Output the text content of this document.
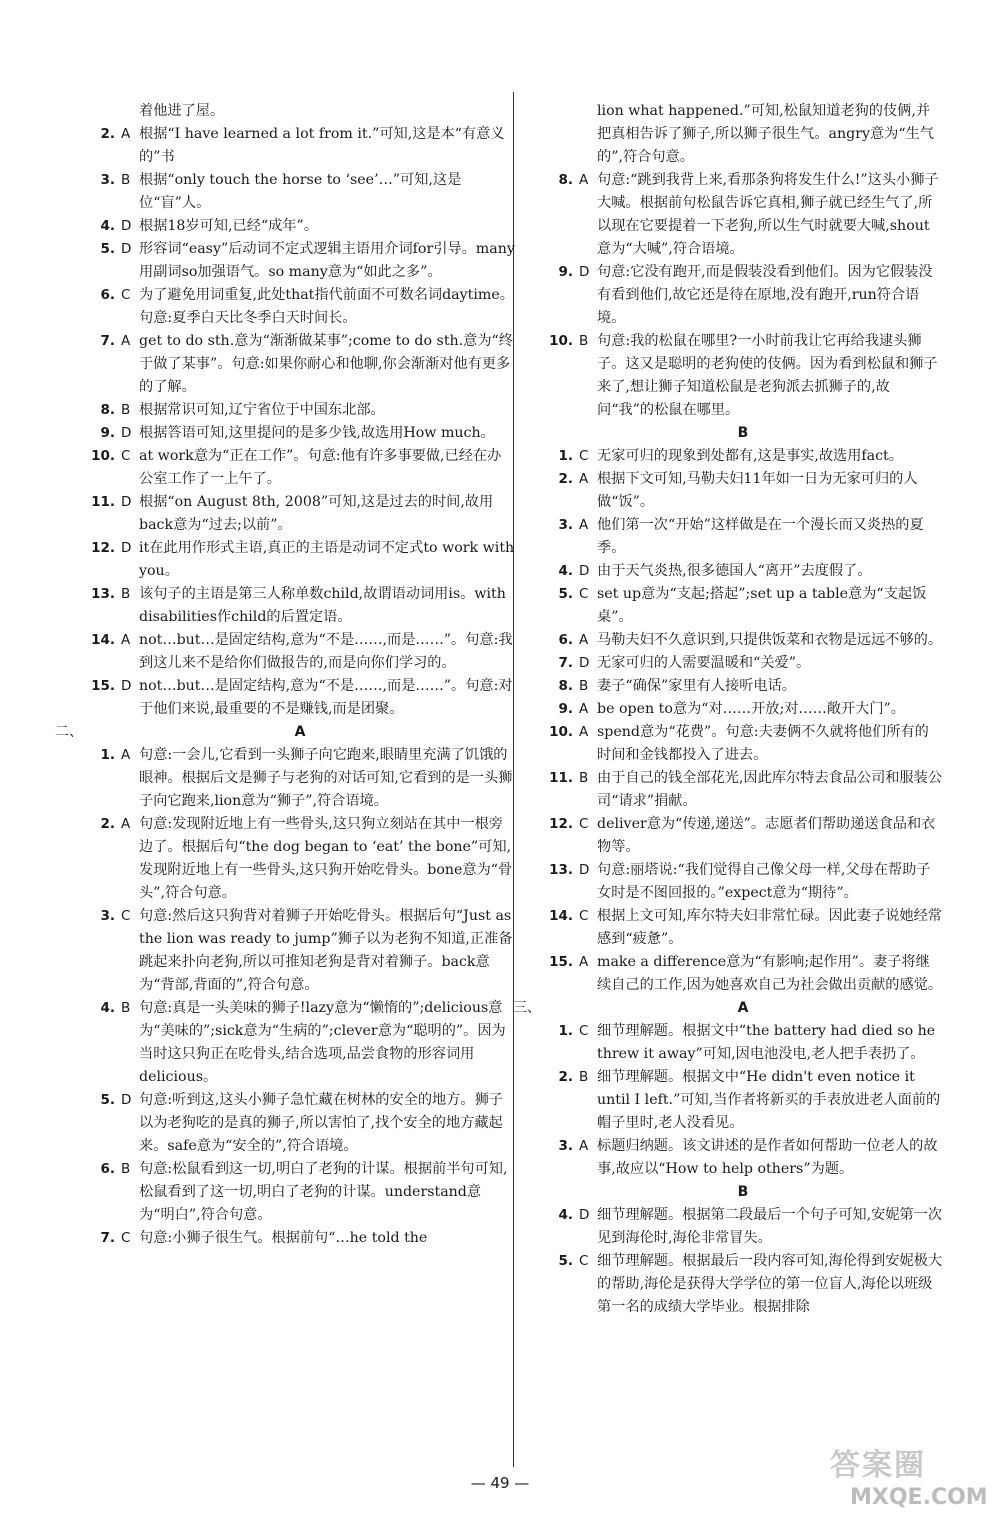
着他进了屋。
2. A 根据“I have learned a lot from it.”可知,这是本“有意义的”书
3. B 根据“only touch the horse to ‘see’…”可知,这是位“盲”人。
4. D 根据18岁可知,已经“成年”。
5. D 形容词“easy”后动词不定式逻辑主语用介词for引导。many用副词so加强语气。so many意为“如此之多”。
6. C 为了避免用词重复,此处that指代前面不可数名词daytime。句意:夏季白天比冬季白天时间长。
7. A get to do sth.意为“渐渐做某事”;come to do sth.意为“终于做了某事”。句意:如果你耐心和他聊,你会渐渐对他有更多的了解。
8. B 根据常识可知,辽宁省位于中国东北部。
9. D 根据答语可知,这里提问的是多少钱,故选用How much。
10. C at work意为“正在工作”。句意:他有许多事要做,已经在办公室工作了一上午了。
11. D 根据“on August 8th, 2008”可知,这是过去的时间,故用back意为“过去;以前”。
12. D it在此用作形式主语,真正的主语是动词不定式to work with you。
13. B 该句子的主语是第三人称单数child,故谓语动词用is。with disabilities作child的后置定语。
14. A not…but…是固定结构,意为“不是……,而是……”。句意:我到这儿来不是给你们做报告的,而是向你们学习的。
15. D not…but…是固定结构,意为“不是……,而是……”。句意:对于他们来说,最重要的不是赚钱,而是团聚。
二、	A
1. A 句意:一会儿,它看到一头狮子向它跑来,眼睛里充满了饥饿的眼神。根据后文是狮子与老狗的对话可知,它看到的是一头狮子向它跑来,lion意为“狮子”,符合语境。
2. A 句意:发现附近地上有一些骨头,这只狗立刻站在其中一根旁边了。根据后句“the dog began to ‘eat’ the bone”可知,发现附近地上有一些骨头,这只狗开始吃骨头。bone意为“骨头”,符合句意。
3. C 句意:然后这只狗背对着狮子开始吃骨头。根据后句“Just as the lion was ready to jump”狮子以为老狗不知道,正准备跳起来扑向老狗,所以可推知老狗是背对着狮子。back意为“背部,背面的”,符合句意。
4. B 句意:真是一头美味的狮子!lazy意为“懒惰的”;delicious意为“美味的”;sick意为“生病的”;clever意为“聪明的”。因为当时这只狗正在吃骨头,结合选项,品尝食物的形容词用delicious。
5. D 句意:听到这,这头小狮子急忙藏在树林的安全的地方。狮子以为老狗吃的是真的狮子,所以害怕了,找个安全的地方藏起来。safe意为“安全的”,符合语境。
6. B 句意:松鼠看到这一切,明白了老狗的计谋。根据前半句可知,松鼠看到了这一切,明白了老狗的计谋。understand意为“明白”,符合句意。
7. C 句意:小狮子很生气。根据前句“…he told the
lion what happened.”可知,松鼠知道老狗的伎俩,并把真相告诉了狮子,所以狮子很生气。angry意为“生气的”,符合句意。
8. A 句意:“跳到我背上来,看那条狗将发生什么!”这头小狮子大喊。根据前句松鼠告诉它真相,狮子就已经生气了,所以现在它要提着一下老狗,所以生气时就要大喊,shout意为“大喊”,符合语境。
9. D 句意:它没有跑开,而是假装没看到他们。因为它假装没有看到他们,故它还是待在原地,没有跑开,run符合语境。
10. B 句意:我的松鼠在哪里?一小时前我让它再给我逮头狮子。这又是聪明的老狗使的伎俩。因为看到松鼠和狮子来了,想让狮子知道松鼠是老狗派去抓狮子的,故问“我”的松鼠在哪里。
B
1. C 无家可归的现象到处都有,这是事实,故选用fact。
2. A 根据下文可知,马勒夫妇11年如一日为无家可归的人做“饭”。
3. A 他们第一次“开始”这样做是在一个漫长而又炎热的夏季。
4. D 由于天气炎热,很多德国人“离开”去度假了。
5. C set up意为“支起;搭起”;set up a table意为“支起饭桌”。
6. A 马勒夫妇不久意识到,只提供饭菜和衣物是远远不够的。
7. D 无家可归的人需要温暖和“关爱”。
8. B 妻子“确保”家里有人接听电话。
9. A be open to意为“对……开放;对……敞开大门”。
10. A spend意为“花费”。句意:夫妻俩不久就将他们所有的时间和金钱都投入了进去。
11. B 由于自己的钱全部花光,因此库尔特去食品公司和服装公司“请求”捐献。
12. C deliver意为“传递,递送”。志愿者们帮助递送食品和衣物等。
13. D 句意:丽塔说:“我们觉得自己像父母一样,父母在帮助子女时是不图回报的。”expect意为“期待”。
14. C 根据上文可知,库尔特夫妇非常忙碌。因此妻子说她经常感到“疲惫”。
15. A make a difference意为“有影响;起作用”。妻子将继续自己的工作,因为她喜欢自己为社会做出贡献的感觉。
三、	A
1. C 细节理解题。根据文中“the battery had died so he threw it away”可知,因电池没电,老人把手表扔了。
2. B 细节理解题。根据文中“He didn't even notice it until I left.”可知,当作者将新买的手表放进老人面前的帽子里时,老人没看见。
3. A 标题归纳题。该文讲述的是作者如何帮助一位老人的故事,故应以“How to help others”为题。
B
4. D 细节理解题。根据第二段最后一个句子可知,安妮第一次见到海伦时,海伦非常冒失。
5. C 细节理解题。根据最后一段内容可知,海伦得到安妮极大的帮助,海伦是获得大学学位的第一位盲人,海伦以班级第一名的成绩大学毕业。根据排除
— 49 —	答案圈
MXQE.COM
